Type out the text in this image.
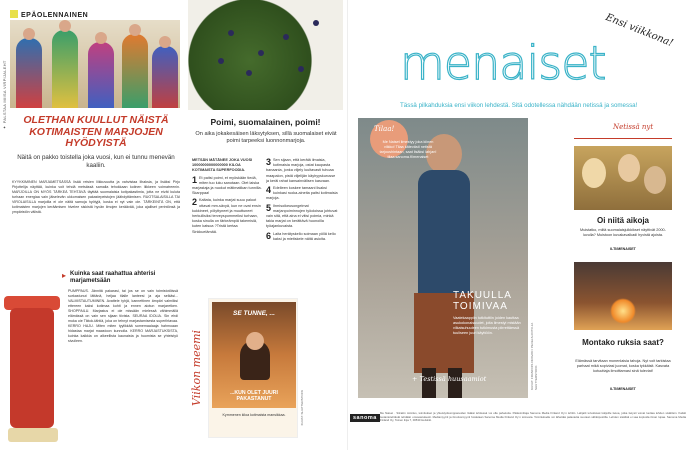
EPÄOLENNAINEN
✦ PALSTAA MIISA VIRPIJALEHT	OLETHAN KUULLUT NÄISTÄ KOTIMAISTEN MARJOJEN HYÖDYISTÄ
Näitä on pakko toistella joka vuosi, kun ei tunnu menevän kaaliin.
KYYKKIMINEN MARJAMETSÄSSÄ lisää reisien liikkuvuutta ja vahvistaa lihaksia, ja lisäksi Pirjo Pirjottelija näyttää, kuinka voit tehdä metsässä samalla tehokkaan koiinen liikkeen voimatreenin. MARJOILLA ON MYÖS TÄRKEÄ TEHTÄVÄ täyttää suomalaisia kotipakastimia, jotta ne eivät kuluta turhaan energiaa vain jäiselevän ukkomaisen pakastepeistojen jäähdyttämisen. RUOTSALAISILLA TAI VIROLAISILLA marjoilla ei ole näitä samoja hyötyjä, koska ei nyt vain ole. TÄRKEINTÄ ON, että kotimaisten marjojen keräämisen hivelee siskistä hyvän ilmojen keräävää, joka ajalliset perintönsä ja ympäristön välistä.
▸ Kuinka saat raahattua ahterisi marjametsään
PUMPPAUS. Jännitä pakarasi, tai jos se on vain toimistotöissä surkastunut lättänä, heijaa tilalle lanteesi ja aja selkäsi... VALMISTAUTUMINEN. Avattele tyhjä, kannettinen ämpäri valmiiksi ettereen kaksi kotimaa kohti ja ennen aiotun marjaretken. SHOPPAILU. Marjastus ei ole missään mielessä vähimmällä elämässä on vain sen sijaan tiivista. SEURAA IDOLIA. Sin ehdi muka oie Tiktok-tähtiä, joka on tehnyt marjastamisesta superihtavaa. KERRO HAJU. Miten miten tyylikkää somemaalaaja hahmoaan hidastaa marjat maastoon kunnolla. KERRO MARJASTUKSISTA, kuinka kaikkia on alkeellista kaunaista ja huomista se yhteistyö sivuileen.
Poimi, suomalainen, poimi!
On aika jokakesäisen läksytyksen, sillä suomalaiset eivät poimi tarpeeksi luonnonmarjoja.
METSÄN MÄTÄNEE JOKA VUOSI 10000000000000000 KILOA KOTIMAISTA SUPERFOODIA.
1 Et paitsi poimi, et myöskään tiedä, miten tuo luku sanotaan. Olet laiska marjastaja ja nuokut mätimatikan tunnilla. Skarppaa!
2 Kaltata, kuinka marjat suuu paloot ottavat mm-sävyä, kun ne ovat ensin kukkineet, pölyttyneet ja muuttuneet herkullisiksi terveyspommeiksi turhaan, koska sinulla on tärkeämpiä takemisiä, kuten katsoa ?Tristä kertaa Sinkkuelämää.
3 Sen sijaan, että kerätä ilmaisia, kotimaisia marjoja, ostat kaupasta banaania, jonka viljely luultavasti tuhoaa maapalon, pistä viljelijän käyhyyskurusse ja keräi rahat kansainvälisen kasvaan.
4 Edelleen koskee tamaani lisaksi kuinkasi ruoka-aineita paitsi kotimaisia marjoja.
5 Ihmisoikeusongelmat marjanpoiminnojen työoloissa johtuvat vain sitä, että aina ei vitisi poimia, minkä takia marjat on kerättävä huonoilla työajankuvaista.
6 Laita herätyskello soimaan yöllä kello kaksi ja mietiskele näitä asioita.
Viikon meemi
SE TUNNE, ...
...KUN OLET JUURI PAKASTANUT
Kymmenen kiloa kotimaista mansikkaa.	KUVAT: SHUTTERSTOCK
Ensi viikkona!
menaiset
Tässä pilkahduksia ensi viikon lehdestä. Sitä odotellessa nähdään netissä ja somessa!
Tilaa!
Me Naiset ilmestyy joka kiinen viikko! Tilaa kätevästi netistä tarjoushintaan, saat lisäksi lahjan! tilaa.sanoma.fi/menaiset
TAKUULLA TOIMIVAA
Vaatekaappiin tutkituttiin joiden kauttaa asukokonaisuudet, joita ilmestyi mistään vilkaisuhuuleen tutkimusta piirrettäessä tuuliseen juuri käyttöön.
+ Testissä huusaamiot	KUVAT: FRANCOIS ORAVAN / PEXELS-FOTO.JA SHUTTERSTOCK
Netissä nyt
Oi niitä aikoja
Muistatko, miltä suomalaisjulkkikset näyttivät 2000-luvulla? Muistoon kuvakavalkadi hyvistä ajoista.
ILTI/MENAISET
Montako ruksia saat?
Elämässä tarvitaan monenlaisia tahoja. Nyt voit tarkistaa parhaat mikä sopiviasi juomat, koska tykkäisit. Kasvata kotuuttaja ilmoittamasi sinä tuleviat!
ILTI/MENAISET
sanoma
Me Naiset · Sitrakin toimitus, toimitukset ja yhteistyökumppaneiden lisäksi lehdessä voi olla palveluita. Päätoimittaja Sanoma Media Finland Oy:n lehtiin. Lahjatit toivottavat lukijoille tietoa, jotka tietysti voivat luottaa lehden sisältöön. Kaikki tuotantotehtävät tehdään omavastuisesti. Mediamyynti ja ilmoitusmyynti hoidetaan Sanoma Media Finland Oy:n toimesta. Toimitukselle voi lähettää palautetta suoraan sähköpostilla. Lehden sisältöä ei saa kopioida ilman lupaa. Sanoma Media Finland Oy, Toinen linja 7, 00530 Helsinki.
